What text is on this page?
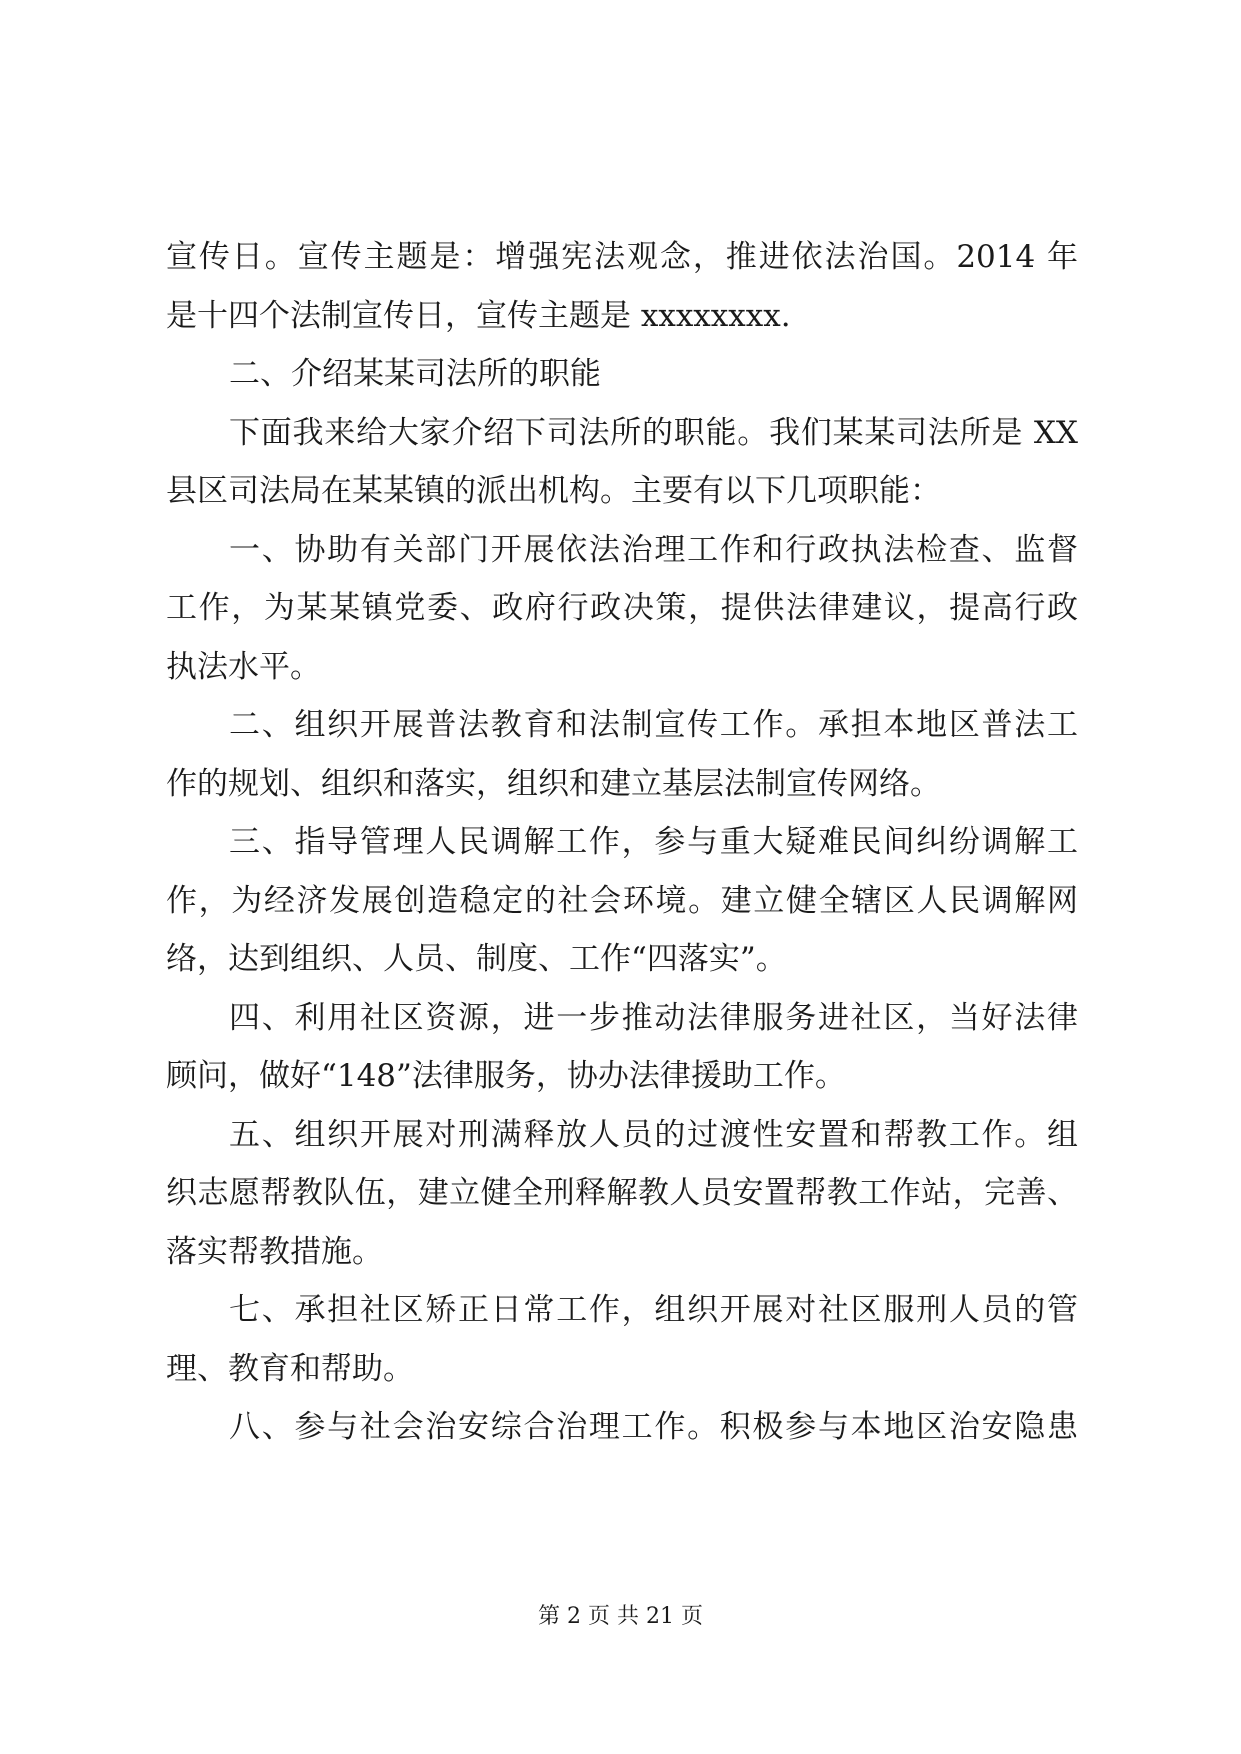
宣传日。宣传主题是：增强宪法观念，推进依法治国。2014 年
是十四个法制宣传日，宣传主题是 xxxxxxxx.
二、介绍某某司法所的职能
下面我来给大家介绍下司法所的职能。我们某某司法所是 XX
县区司法局在某某镇的派出机构。主要有以下几项职能：
一、协助有关部门开展依法治理工作和行政执法检查、监督
工作，为某某镇党委、政府行政决策，提供法律建议，提高行政
执法水平。
二、组织开展普法教育和法制宣传工作。承担本地区普法工
作的规划、组织和落实，组织和建立基层法制宣传网络。
三、指导管理人民调解工作，参与重大疑难民间纠纷调解工
作，为经济发展创造稳定的社会环境。建立健全辖区人民调解网
络，达到组织、人员、制度、工作“四落实”。
四、利用社区资源，进一步推动法律服务进社区，当好法律
顾问，做好“148”法律服务，协办法律援助工作。
五、组织开展对刑满释放人员的过渡性安置和帮教工作。组
织志愿帮教队伍，建立健全刑释解教人员安置帮教工作站，完善、
落实帮教措施。
七、承担社区矫正日常工作，组织开展对社区服刑人员的管
理、教育和帮助。
八、参与社会治安综合治理工作。积极参与本地区治安隐患
第 2 页 共 21 页
